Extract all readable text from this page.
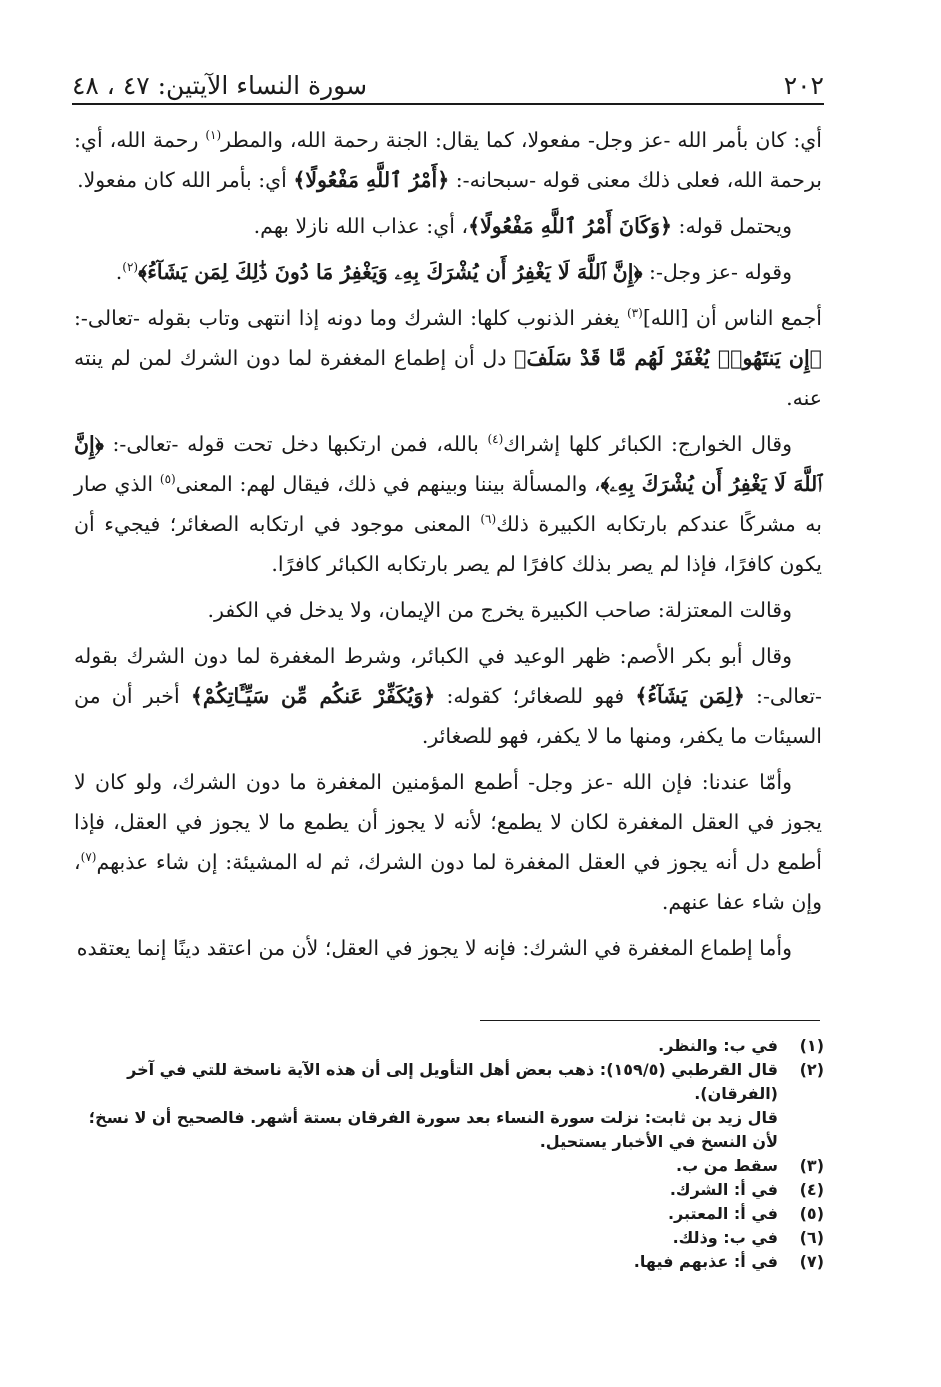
٢٠٢
سورة النساء الآيتين: ٤٧ ، ٤٨

أي: كان بأمر الله -عز وجل- مفعولا، كما يقال: الجنة رحمة الله، والمطر$^{(١)}$ رحمة الله، أي: برحمة الله، فعلى ذلك معنى قوله -سبحانه-: ﴿أَمْرُ ٱللَّهِ مَفْعُولًا﴾ أي: بأمر الله كان مفعولا.

ويحتمل قوله: ﴿وَكَانَ أَمْرُ ٱللَّهِ مَفْعُولًا﴾، أي: عذاب الله نازلا بهم.

وقوله -عز وجل-: ﴿إِنَّ ٱللَّهَ لَا يَغْفِرُ أَن يُشْرَكَ بِهِۦ وَيَغْفِرُ مَا دُونَ ذَٰلِكَ لِمَن يَشَآءُ﴾$^{(٢)}$.

أجمع الناس أن [الله]$^{(٣)}$ يغفر الذنوب كلها: الشرك وما دونه إذا انتهى وتاب بقوله -تعالى-: ﴿إِن يَنتَهُوا۟ يُغْفَرْ لَهُم مَّا قَدْ سَلَفَ﴾ دل أن إطماع المغفرة لما دون الشرك لمن لم ينته عنه.

وقال الخوارج: الكبائر كلها إشراك$^{(٤)}$ بالله، فمن ارتكبها دخل تحت قوله -تعالى-: ﴿إِنَّ ٱللَّهَ لَا يَغْفِرُ أَن يُشْرَكَ بِهِۦ﴾، والمسألة بيننا وبينهم في ذلك، فيقال لهم: المعنى$^{(٥)}$ الذي صار به مشركًا عندكم بارتكابه الكبيرة ذلك$^{(٦)}$ المعنى موجود في ارتكابه الصغائر؛ فيجيء أن يكون كافرًا، فإذا لم يصر بذلك كافرًا لم يصر بارتكابه الكبائر كافرًا.

وقالت المعتزلة: صاحب الكبيرة يخرج من الإيمان، ولا يدخل في الكفر.

وقال أبو بكر الأصم: ظهر الوعيد في الكبائر، وشرط المغفرة لما دون الشرك بقوله -تعالى-: ﴿لِمَن يَشَآءُ﴾ فهو للصغائر؛ كقوله: ﴿وَيُكَفِّرْ عَنكُم مِّن سَيِّـَٔاتِكُمْ﴾ أخبر أن من السيئات ما يكفر، ومنها ما لا يكفر، فهو للصغائر.

وأمّا عندنا: فإن الله -عز وجل- أطمع المؤمنين المغفرة ما دون الشرك، ولو كان لا يجوز في العقل المغفرة لكان لا يطمع؛ لأنه لا يجوز أن يطمع ما لا يجوز في العقل، فإذا أطمع دل أنه يجوز في العقل المغفرة لما دون الشرك، ثم له المشيئة: إن شاء عذبهم$^{(٧)}$، وإن شاء عفا عنهم.

وأما إطماع المغفرة في الشرك: فإنه لا يجوز في العقل؛ لأن من اعتقد دينًا إنما يعتقده

(١)
في ب: والنظر.
(٢)
قال القرطبي (١٥٩/٥): ذهب بعض أهل التأويل إلى أن هذه الآية ناسخة للتي في آخر (الفرقان).
قال زيد بن ثابت: نزلت سورة النساء بعد سورة الفرقان بستة أشهر. فالصحيح أن لا نسخ؛ لأن النسخ في الأخبار يستحيل.
(٣)
سقط من ب.
(٤)
في أ: الشرك.
(٥)
في أ: المعتبر.
(٦)
في ب: وذلك.
(٧)
في أ: عذبهم فيها.
